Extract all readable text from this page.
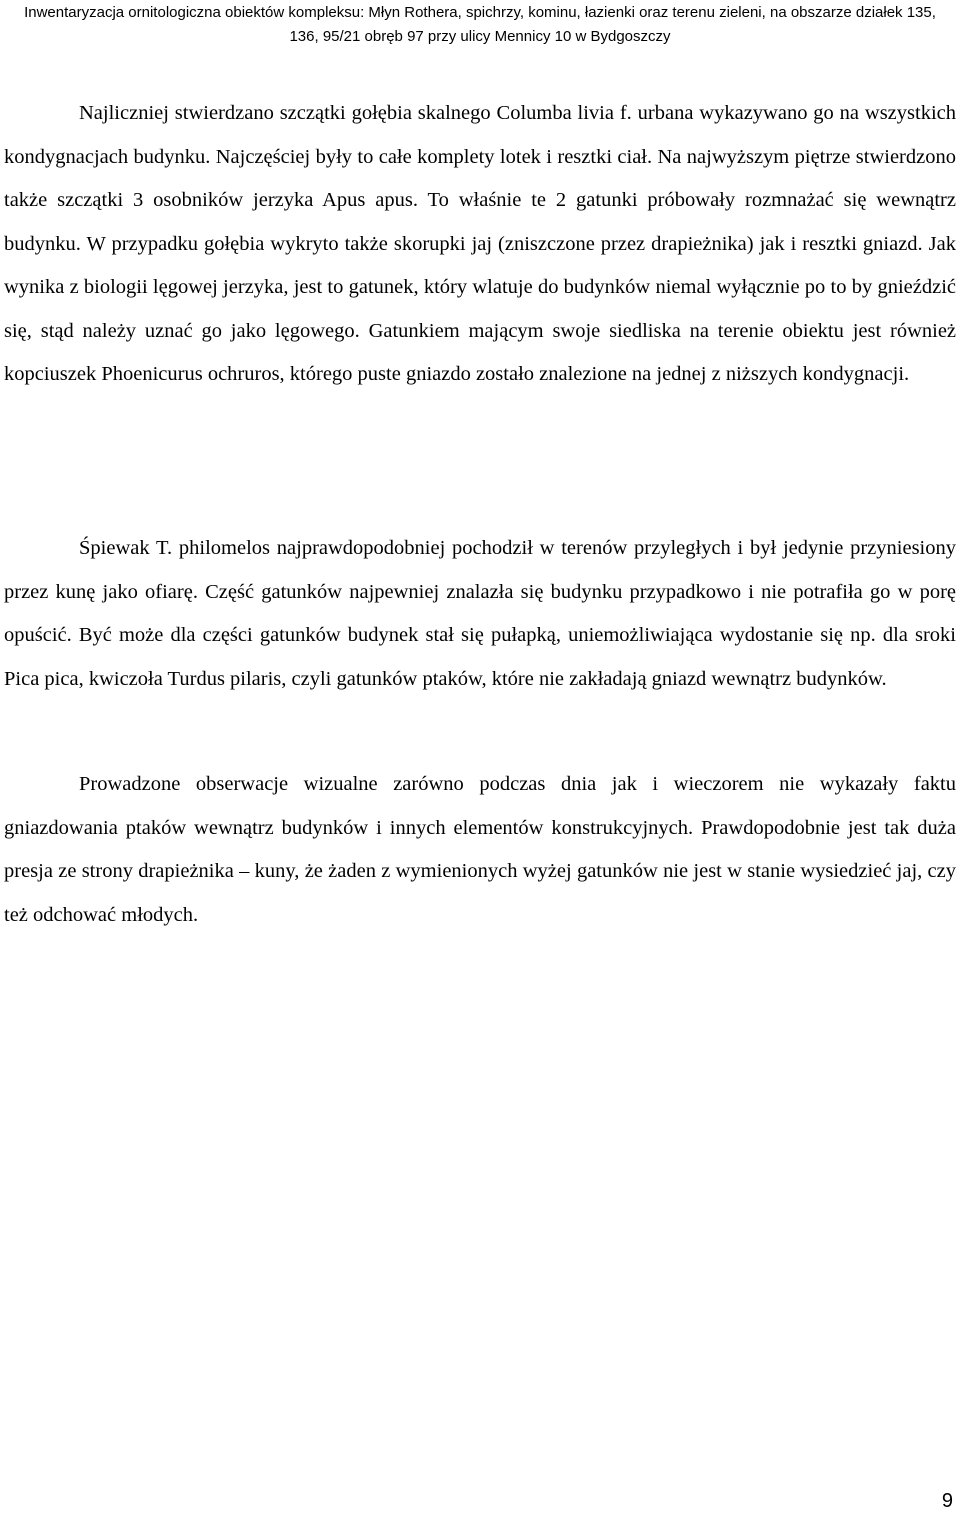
Inwentaryzacja ornitologiczna obiektów kompleksu: Młyn Rothera, spichrzy, kominu, łazienki oraz terenu zieleni, na obszarze działek 135,
136, 95/21 obręb 97 przy ulicy Mennicy 10 w Bydgoszczy

Najliczniej stwierdzano szczątki gołębia skalnego Columba livia f. urbana wykazywano go na wszystkich kondygnacjach budynku. Najczęściej były to całe komplety lotek i resztki ciał. Na najwyższym piętrze stwierdzono także szczątki 3 osobników jerzyka Apus apus. To właśnie te 2 gatunki próbowały rozmnażać się wewnątrz budynku. W przypadku gołębia wykryto także skorupki jaj (zniszczone przez drapieżnika) jak i resztki gniazd. Jak wynika z biologii lęgowej jerzyka, jest to gatunek, który wlatuje do budynków niemal wyłącznie po to by gnieździć się, stąd należy uznać go jako lęgowego. Gatunkiem mającym swoje siedliska na terenie obiektu jest również kopciuszek Phoenicurus ochruros, którego puste gniazdo zostało znalezione na jednej z niższych kondygnacji.

Śpiewak T. philomelos najprawdopodobniej pochodził w terenów przyległych i był jedynie przyniesiony przez kunę jako ofiarę. Część gatunków najpewniej znalazła się budynku przypadkowo i nie potrafiła go w porę opuścić. Być może dla części gatunków budynek stał się pułapką, uniemożliwiająca wydostanie się np. dla sroki Pica pica, kwiczoła Turdus pilaris, czyli gatunków ptaków, które nie zakładają gniazd wewnątrz budynków.

Prowadzone obserwacje wizualne zarówno podczas dnia jak i wieczorem nie wykazały faktu gniazdowania ptaków wewnątrz budynków i innych elementów konstrukcyjnych. Prawdopodobnie jest tak duża presja ze strony drapieżnika – kuny, że żaden z wymienionych wyżej gatunków nie jest w stanie wysiedzieć jaj, czy też odchować młodych.

9
